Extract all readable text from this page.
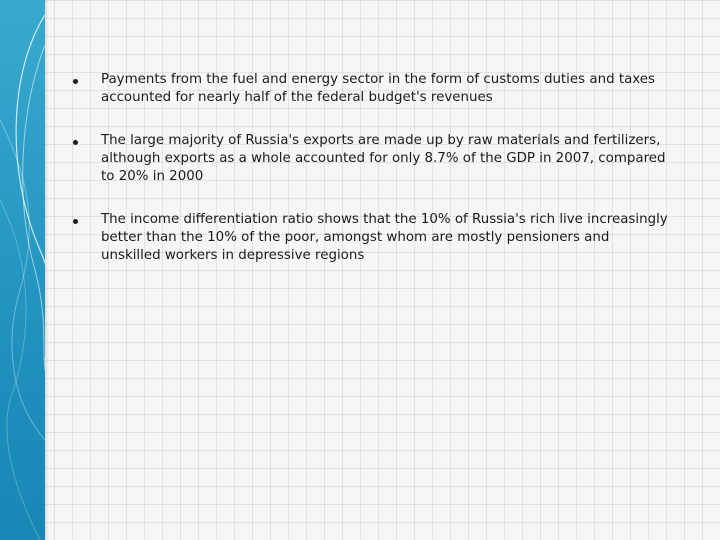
Payments from the fuel and energy sector in the form of customs duties and taxes accounted for nearly half of the federal budget's revenues
The large majority of Russia's exports are made up by raw materials and fertilizers, although exports as a whole accounted for only 8.7% of the GDP in 2007, compared to 20% in 2000
The income differentiation ratio shows that the 10% of Russia's rich live increasingly better than the 10% of the poor, amongst whom are mostly pensioners and unskilled workers in depressive regions
